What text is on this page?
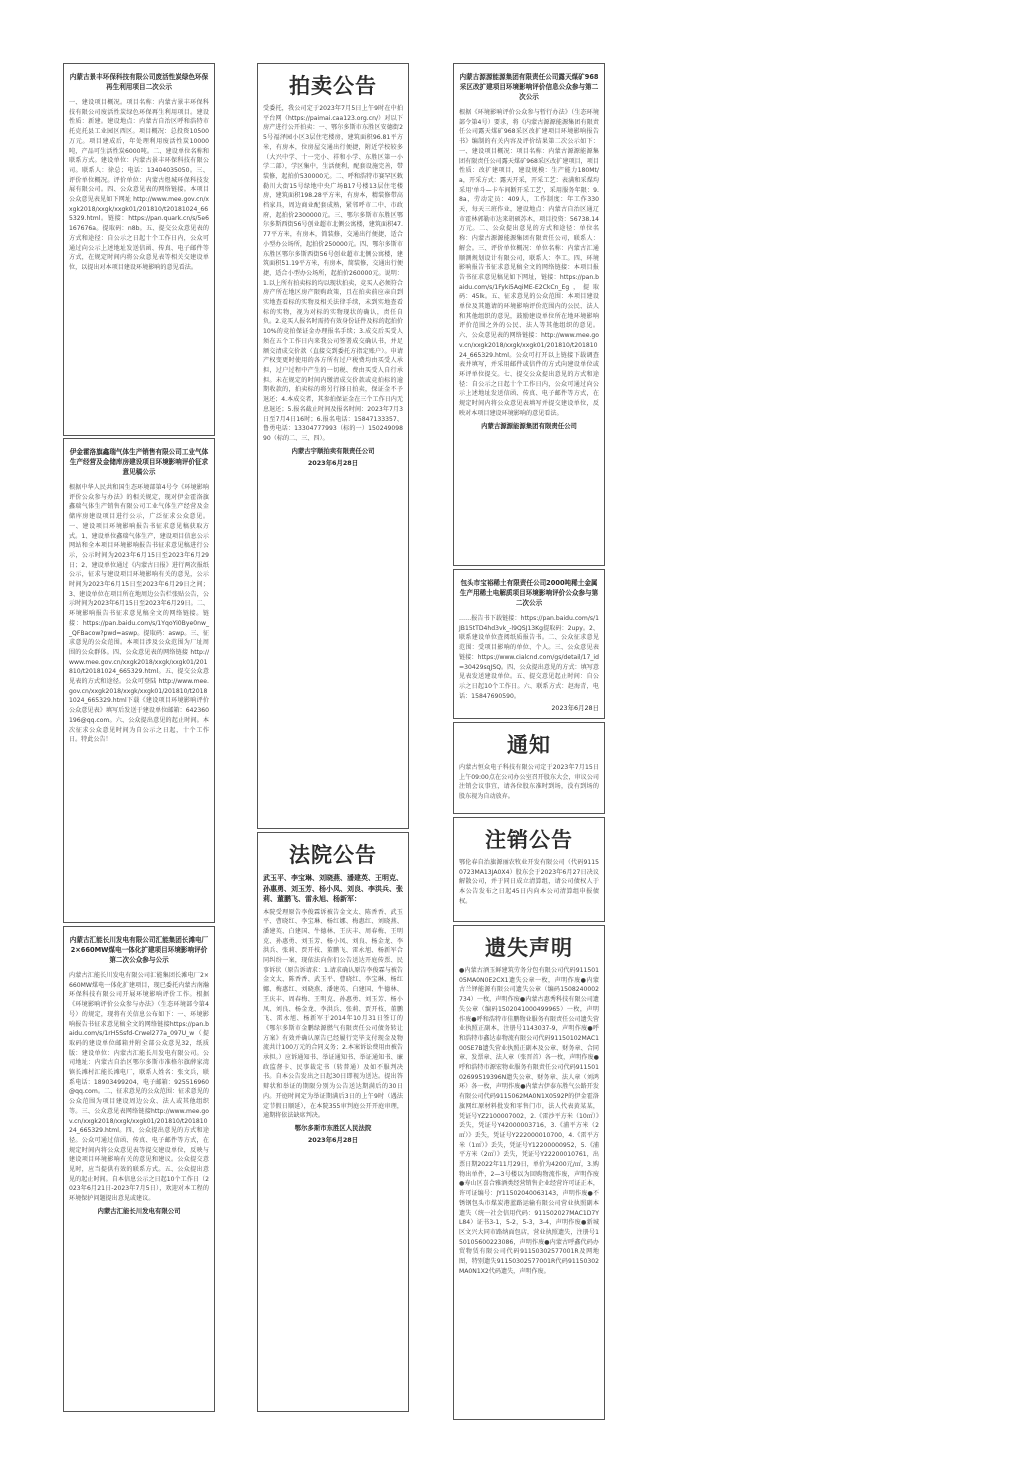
内蒙古景丰环保科技有限公司废活性炭绿色环保再生利用项目二次公示
一、建设项目概况。项目名称：内蒙古景丰环保科技有限公司废活性炭绿色环保再生利用项目。建设性质：新建。建设地点：内蒙古自治区呼和浩特市托克托县工业园区西区。项目概况：总投资10500万元。项目建成后，年处理利用废活性炭10000吨，产品可生活性炭6000吨。二、建设单位名称和联系方式。建设单位：内蒙古景丰环保科技有限公司。联系人：徐总；电话：13404035050。三、评价单位概况。评价单位：内蒙古煜城环保科技发展有限公司。四、公众意见表的网络链接。本项目公众意见表见如下网址 http://www.mee.gov.cn/xxgk2018/xxgk/xxgk01/201810/t20181024_665329.html。链接：https://pan.quark.cn/s/5e6167676a。提取码：n8b。五、提交公众意见表的方式和途径：自公示之日起十个工作日内，公众可通过向公示上述地址发送信函、传真、电子邮件等方式，在规定时间内将公众意见表等相关交建设单位，以提出对本项目建设环境影响的意见看法。
伊金霍洛旗鑫瑞气体生产销售有限公司工业气体生产经营及金储库房建设项目环境影响评价征求意见稿公示
根据中华人民共和国生态环境部第4号令《环境影响评价公众参与办法》的相关规定，现对伊金霍洛旗鑫瑞气体生产销售有限公司工业气体生产经营及金储库房建设项目进行公示，广泛征求公众意见。一、建设项目环境影响报告书征求意见稿获取方式。1、建设单位鑫瑞气体生产，建设项目信息公示网站和全本项目环境影响报告书征求意见稿进行公示，公示时间为2023年6月15日至2023年6月29日；2、建设单位通过《内蒙古日报》进行两次报纸公示，征求与建设项目环境影响有关的意见，公示时间为2023年6月15日至2023年6月29日之间；3、建设单位在项目所在地周边公告栏张贴公告，公示时间为2023年6月15日至2023年6月29日。二、环境影响报告书征求意见稿全文的网络链接。链接：https://pan.baidu.com/s/1YqoYi0Bye0nw__QFBacow?pwd=aswp。提取码：aswp。三、征求意见的公众范围。本项目涉及公众范围为厂址周围的公众群体。四、公众意见表的网络链接 http://www.mee.gov.cn/xxgk2018/xxgk/xxgk01/201810/t20181024_665329.html。五、提交公众意见表的方式和途径。公众可登陆 http://www.mee.gov.cn/xxgk2018/xxgk/xxgk01/201810/t20181024_665329.html下载《建设项目环境影响评价公众意见表》填写后发送于建设单位邮箱：642360196@qq.com。六、公众提出意见的起止时间。本次征求公众意见时间为自公示之日起，十个工作日。特此公告！
内蒙古汇能长川发电有限公司汇能集团长滩电厂2×660MW煤电一体化扩建项目环境影响评价第二次公众参与公示
内蒙古汇能长川发电有限公司汇能集团长滩电厂2×660MW煤电一体化扩建项目，现已委托内蒙古南瀚环保科技有限公司开展环境影响评价工作。根据《环境影响评价公众参与办法》（生态环境部令第4号）的规定，现将有关信息公布如下：一、环境影响报告书征求意见稿全文的网络链接https://pan.baidu.com/s/1rH5Ssfd-Crwel277a_097U_w（提取码的建设单位邮箱并附全部公众意见32，纸质版：建设单位：内蒙古汇能长川发电有限公司。公司地址：内蒙古自治区鄂尔多斯市准格尔旗薛家湾镇长滩村汇能长滩电厂，联系人姓名：张文兵，联系电话：18903499204，电子邮箱：925516960@qq.com。二、征求意见的公众范围：征求意见的公众范围为项目建设周边公众、法人或其他组织等。三、公众意见表网络链接http://www.mee.gov.cn/xxgk2018/xxgk/xxgk01/201810/t20181024_665329.html。四、公众提出意见的方式和途径。公众可通过信函、传真、电子邮件等方式，在规定时间内将公众意见表等提交建设单位，反映与建设项目环境影响有关的意见和建议。公众提交意见时，应当提供有效的联系方式。五、公众提出意见的起止时间。自本信息公示之日起10个工作日（2023年6月21日-2023年7月5日），欢迎对本工程的环境保护问题提出意见或建议。
内蒙古汇能长川发电有限公司
拍卖公告
受委托，我公司定于2023年7月5日上午9时在中拍平台网（https://paimai.caa123.org.cn/）对以下房产进行公开拍卖：一、鄂尔多斯市东胜区安德街25号福泽园小区3层住宅楼房，建筑面积96.81平方米，有房本，位房屋交通出行便捷，附近学校较多（大兴中学、十一完小、祥和小学、东胜区第一小学二部），学区集中，生活便利，配套设施完善，带装修，起拍价530000元。二、呼和浩特市赛罕区敕勒川大街15号绿地中央广场B17号楼13层住宅楼房，建筑面积198.28平方米，有房本，精装修带高档家具，周边商业配套成熟，紧邻呼市二中、市政府，起拍价2300000元。三、鄂尔多斯市东胜区鄂尔多斯西街56号创业超市北侧公寓楼，建筑面积47.77平方米，有房本，简装修，交通出行便捷，适合小型办公场所，起拍价250000元。四、鄂尔多斯市东胜区鄂尔多斯西街56号创业超市北侧公寓楼，建筑面积51.19平方米，有房本，简装修，交通出行便捷，适合小型办公场所，起拍价260000元。说明：1.以上所有拍卖标的均以现状拍卖，竞买人必须符合房产所在地区房产限购政策，且在拍卖前应亲自到实地查看标的实物及相关法律手续，未到实地查看标的实物，视为对标的实物现状的确认，责任自负。2.竞买人报名时需持有效身份证件及标的起拍价10%的竞拍保证金办理报名手续；3.成交后买受人须在五个工作日内来我公司签署成交确认书，并足额交清成交价款（直接交到委托方指定账户）。申请产权变更时使用的各方所有过户税费均由买受人承担，过户过程中产生的一切税、费由买受人自行承担。未在规定的时间内缴清成交价款或竞拍标的逾期收款的，拍卖标的将另行择日拍卖，保证金不予退还；4.本成交者，其参拍保证金在三个工作日内无息退还；5.报名截止时间及报名时间：2023年7月3日至7月4日16时；6.报名电话：15847133357、鲁勇电话：13304777993（标的一）15024909890（标的二、三、四）。
内蒙古宇顺拍卖有限责任公司
2023年6月28日
法院公告
武玉平、李宝琳、刘晓燕、潘建英、王明克、孙惠勇、刘玉芳、杨小凤、刘良、李洪兵、张莉、董鹏飞、雷永旭、杨新军：
本院受理原告李俊霖诉被告金文太、陈香香、武玉平、曹晓红、李宝琳、杨红娜、梅惠红、刘晓燕、潘建英、白建国、牛德林、王庆丰、周春梅、王明克、孙惠勇、刘玉芳、杨小凤、刘良、杨金龙、李洪兵、张莉、贾开枝、董鹏飞、雷永旭、杨新军合同纠纷一案，现依法向你们公告送达开庭传票、民事诉状（原告诉请求：1.请求确认原告李俊霖与被告金文太、陈香香、武玉平、曹晓红、李宝琳、杨红娜、梅惠红、刘晓燕、潘建英、白建国、牛德林、王庆丰、周春梅、王明克、孙惠勇、刘玉芳、杨小凤、刘良、杨金龙、李洪兵、张莉、贾开枝、董鹏飞、雷永旭、杨新军于2014年10月31日签订的《鄂尔多斯市金鹏绿源燃气有限责任公司债务转让方案》有效并确认原告已经履行完毕支付现金及物流共计100万元的合同义务；2.本案诉讼费用由被告承担。）应诉通知书、举证通知书、举证通知书、廉政监督卡、民事裁定书（转普通）及如不服判决书。自本公告发出之日起30日即视为送达。提出答辩状和举证的期限分别为公告送达期满后的30日内。开庭时间定为举证期满后3日的上午9时（遇法定节假日顺延），在本院355审判庭公开开庭审理，逾期将依法缺席判决。
鄂尔多斯市东胜区人民法院
2023年6月28日
内蒙古源源能源集团有限责任公司露天煤矿968采区改扩建项目环境影响评价信息公众参与第二次公示
根据《环境影响评价公众参与暂行办法》（生态环境部令第4号）要求，将《内蒙古源源能源集团有限责任公司露天煤矿968采区改扩建项目环境影响报告书》编制的有关内容及评价结果第二次公示如下：一、建设项目概况：项目名称：内蒙古源源能源集团有限责任公司露天煤矿968采区改扩建项目，项目性质：改扩建项目，建设规模：生产能力180Mt/a，开采方式：露天开采，开采工艺：表满和采煤均采用'单斗—卡车间断开采工艺'，采用服务年限：9.8a，劳动定员：409人，工作制度：年工作330天，每天三班作业，建设地点：内蒙古自治区通辽市霍林郭勒市达来胡硕苏木，项目投资：56738.14万元。二、公众提出意见的方式和途径：单位名称：内蒙古源源能源集团有限责任公司，联系人：解会。三、评价单位概况：单位名称：内蒙古汇通顺测规划设计有限公司，联系人：李工。四、环境影响报告书征求意见稿全文的网络链接：本项目报告书征求意见稿见如下网址，链接：https://pan.baidu.com/s/1Fyki5AqiME-E2CkCn_Eg，提取码：45lk。五、征求意见的公众范围：本项目建设单位及其邀请的环境影响评价范围内的公民、法人和其他组织的意见，鼓励建设单位所在地环境影响评价范围之外的公民、法人等其他组织的意见。六、公众意见表的网络链接：http://www.mee.gov.cn/xxgk2018/xxgk/xxgk01/201810/t20181024_665329.html。公众可打开以上链接下载调查表并填写，并采用邮件或信件的方式向建设单位或环评单位提交。七、提交公众提出意见的方式和途径：自公示之日起十个工作日内，公众可通过向公示上述地址发送信函、传真、电子邮件等方式，在规定时间内将公众意见表填写并提交建设单位，反映对本项目建设环境影响的意见看法。
内蒙古源源能源集团有限责任公司
包头市宝裕稀土有限责任公司2000吨稀土金属生产用稀土电解质项目环境影响评价公众参与第二次公示
……报告书下载链接：https://pan.baidu.com/s/1JB15tTD4hd3vk_-l9QSJ13Kg提取码：2upy。2、联系建设单位查阅纸质报告书。二、公众征求意见范围：受项目影响的单位、个人。三、公众意见表链接：https://www.cialcnd.com/gs/detail/17_id=30429sqJSQ。四、公众提出意见的方式：填写意见表发送建设单位。五、提交意见起止时间：自公示之日起10个工作日。六、联系方式：赵海青，电话：15847690590。
2023年6月28日
通知
内蒙古恒众电子科技有限公司定于2023年7月15日上午09:00点在公司办公室召开股东大会，审议公司注销会议事宜，请各位股东准时到场，没有到场的股东视为自动放弃。
注销公告
鄂伦春自治旗源丽农牧业开发有限公司（代码91150723MA13JA0X4）股东会于2023年6月27日决议解散公司，并于同日成立清算组，请公司债权人于本公告发布之日起45日内向本公司清算组申报债权。
遗失声明
●内蒙古酒玉鲜建筑劳务分包有限公司代码91150105MA0N0E2CX1遗失公章一枚，声明作废●内蒙古兰铎能源有限公司遗失公章（编码1508240002734）一枚，声明作废●内蒙古惠秀科技有限公司遗失公章（编码1502041000499965）一枚，声明作废●呼和浩特市佳鹏物业服务有限责任公司遗失营业执照正副本，注册号1143037-9，声明作废●呼和浩特市鑫达泰物流有限公司代码91150102MAC100SE7B遗失营业执照正副本及公章、财务章、合同章、发票章、法人章（张晋首）各一枚，声明作废●呼和浩特市源宏物业服务有限责任公司代码91150102699519396N遗失公章、财务章、法人章（刘鸿环）各一枚，声明作废●内蒙古伊泰东胜气公路开发有限公司代码9115062MA0N1X0592P的伊金霍洛旗网红原材料批发和零售门市，法人代表黄某某，凭证号YZ2100007002，2.《雷沙平方米（10㎡）》丢失，凭证号Y42000003716，3.《浦平方米（2㎡）》丢失，凭证号Y222000010700，4.《雷平方米（1㎡）》丢失，凭证号Y12200000952，5.《浦平方米（2㎡）》丢失，凭证号Y22200010761，出票日期2022年11月29日，单价为4200元/㎡，3.购物出单件，2—3号楼以为回购物流作废，声明作废●寿山区喜合雅酒类经营销售企业经营许可证正本，许可证编号：JY11502040063143，声明作废●不锈钢包头市煤炭港蓝路运输有限公司营业执照副本遗失（统一社会信用代码：911502027MAC1D7YL84）证书3-1，5-2，5-3，3-4，声明作废●新城区文兴大同市路纳面包店，营业执照遗失，注册号150105600223086，声明作废●内蒙古呼鑫代码办贸物赁有限公司代码91150302577001R及网地图，特别遗失91150302577001R代码91150302MA0N1X2代码遗失，声明作废。
